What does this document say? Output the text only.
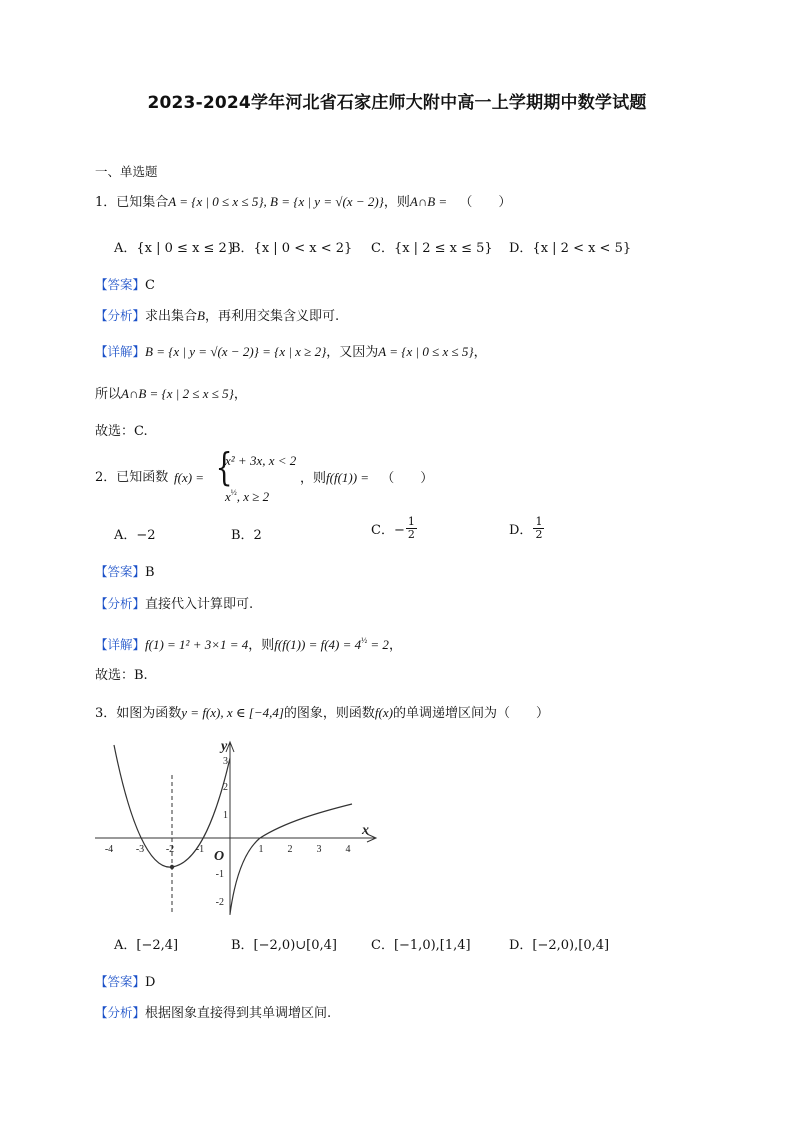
2023-2024学年河北省石家庄师大附中高一上学期期中数学试题
一、单选题
1．已知集合A = {x | 0 ≤ x ≤ 5}, B = {x | y = √(x − 2)}，则A∩B = （　　）
A．{x | 0 ≤ x ≤ 2}
B．{x | 0 < x < 2} C．{x | 2 ≤ x ≤ 5} D．{x | 2 < x < 5}
【答案】C
【分析】求出集合B，再利用交集含义即可.
【详解】B = {x | y = √(x − 2)} = {x | x ≥ 2}，又因为A = {x | 0 ≤ x ≤ 5}，
所以A∩B = {x | 2 ≤ x ≤ 5}，
故选：C.
2．已知函数 f(x) = {
x² + 3x, x < 2
$x^{\frac{1}{2}}$, x ≥ 2
，则f(f(1)) = （　　）
A．−2	B．2	C．− $\frac{1}{2}$	D． $\frac{1}{2}$
【答案】B
【分析】直接代入计算即可.
【详解】f(1) = 1² + 3×1 = 4，则$f(f(1)) = f(4) = 4^{\frac{1}{2}} = 2$，
故选：B.
3．如图为函数y = f(x), x ∈ [−4,4]的图象，则函数f(x)的单调递增区间为（　　）
-4 -3 -2 -1	1 2 3 4
3
2
1
-1
-2
x
y
O
A．[−2,4]	B．[−2,0)∪[0,4]	C．[−1,0),[1,4]	D．[−2,0),[0,4]
【答案】D
【分析】根据图象直接得到其单调增区间.
